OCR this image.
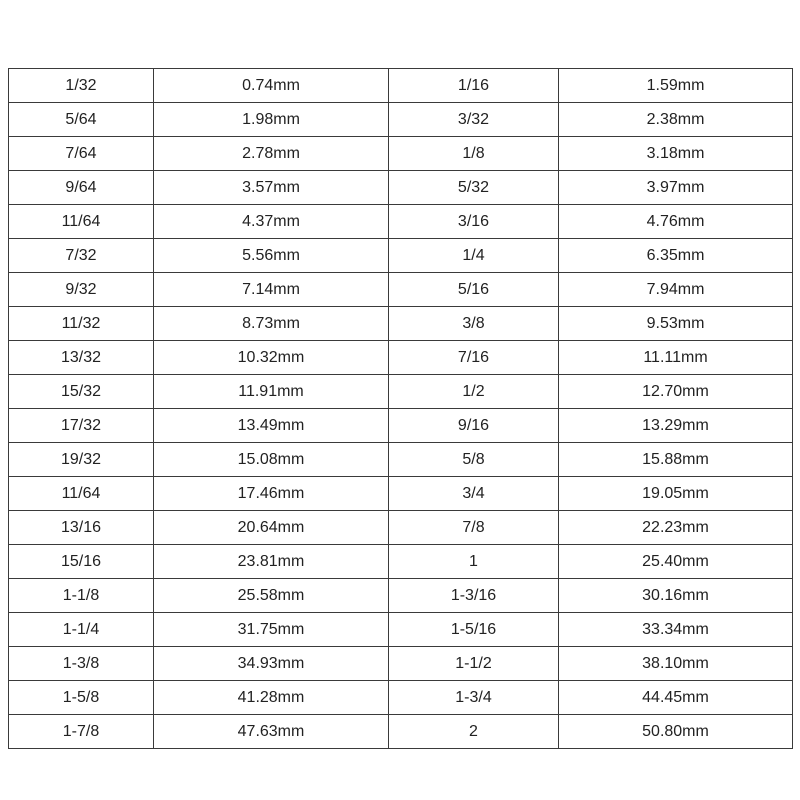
1/32	0.74mm	1/16	1.59mm
5/64	1.98mm	3/32	2.38mm
7/64	2.78mm	1/8	3.18mm
9/64	3.57mm	5/32	3.97mm
11/64	4.37mm	3/16	4.76mm
7/32	5.56mm	1/4	6.35mm
9/32	7.14mm	5/16	7.94mm
11/32	8.73mm	3/8	9.53mm
13/32	10.32mm	7/16	11.11mm
15/32	11.91mm	1/2	12.70mm
17/32	13.49mm	9/16	13.29mm
19/32	15.08mm	5/8	15.88mm
11/64	17.46mm	3/4	19.05mm
13/16	20.64mm	7/8	22.23mm
15/16	23.81mm	1	25.40mm
1-1/8	25.58mm	1-3/16	30.16mm
1-1/4	31.75mm	1-5/16	33.34mm
1-3/8	34.93mm	1-1/2	38.10mm
1-5/8	41.28mm	1-3/4	44.45mm
1-7/8	47.63mm	2	50.80mm
